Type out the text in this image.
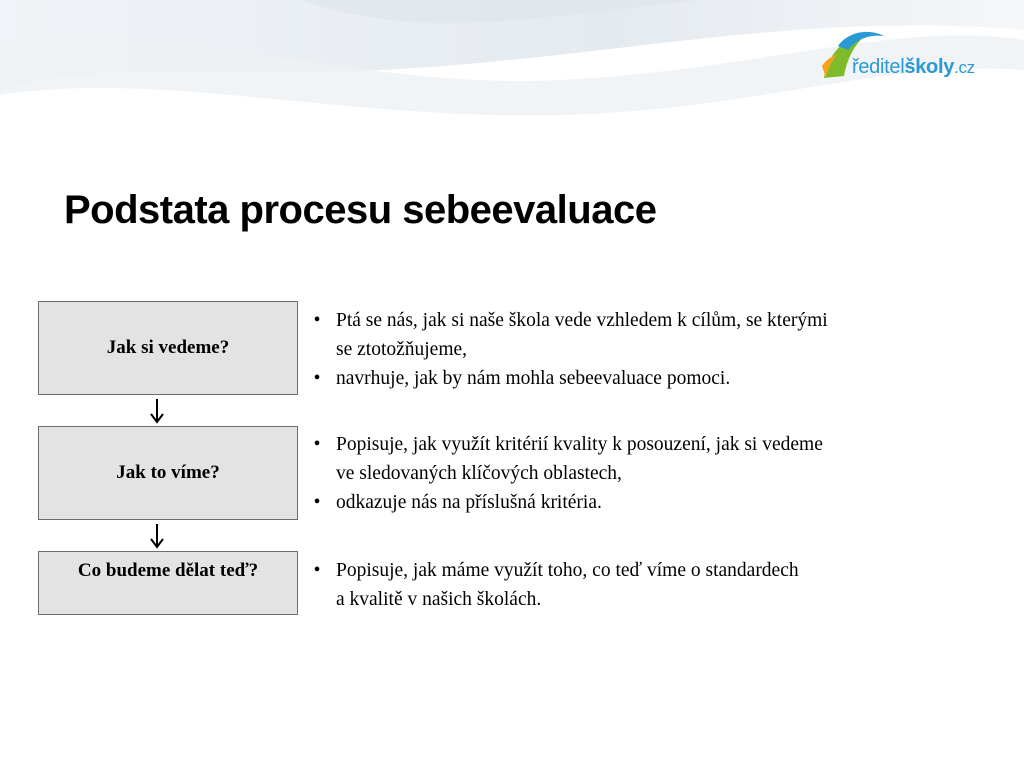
ředitelškoly.cz
Podstata procesu sebeevaluace
Jak si vedeme?
Jak to víme?
Co budeme dělat teď?
• Ptá se nás, jak si naše škola vede vzhledem k cílům, se kterými
se ztotožňujeme,
• navrhuje, jak by nám mohla sebeevaluace pomoci.
• Popisuje, jak využít kritérií kvality k posouzení, jak si vedeme
ve sledovaných klíčových oblastech,
• odkazuje nás na příslušná kritéria.
• Popisuje, jak máme využít toho, co teď víme o standardech
a kvalitě v našich školách.
